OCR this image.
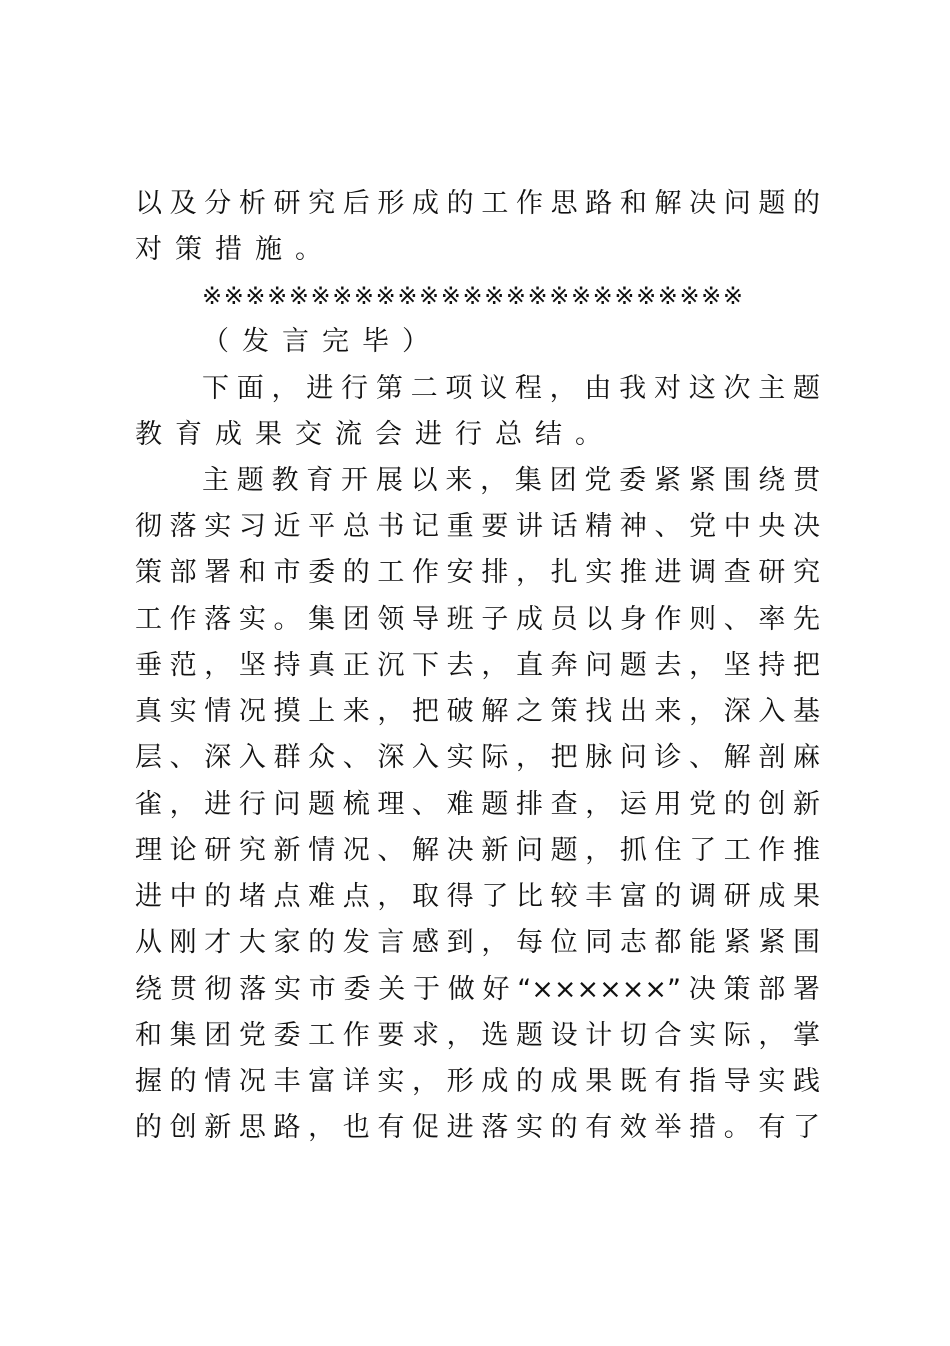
以及分析研究后形成的工作思路和解决问题的
对策措施。
※※※※※※※※※※※※※※※※※※※※※※※※※
（发言完毕）
下面，进行第二项议程，由我对这次主题
教育成果交流会进行总结。
主题教育开展以来，集团党委紧紧围绕贯
彻落实习近平总书记重要讲话精神、党中央决
策部署和市委的工作安排，扎实推进调查研究
工作落实。集团领导班子成员以身作则、率先
垂范，坚持真正沉下去，直奔问题去，坚持把
真实情况摸上来，把破解之策找出来，深入基
层、深入群众、深入实际，把脉问诊、解剖麻
雀，进行问题梳理、难题排查，运用党的创新
理论研究新情况、解决新问题，抓住了工作推
进中的堵点难点，取得了比较丰富的调研成果
从刚才大家的发言感到，每位同志都能紧紧围
绕贯彻落实市委关于做好“××××××”决策部署
和集团党委工作要求，选题设计切合实际，掌
握的情况丰富详实，形成的成果既有指导实践
的创新思路，也有促进落实的有效举措。有了
